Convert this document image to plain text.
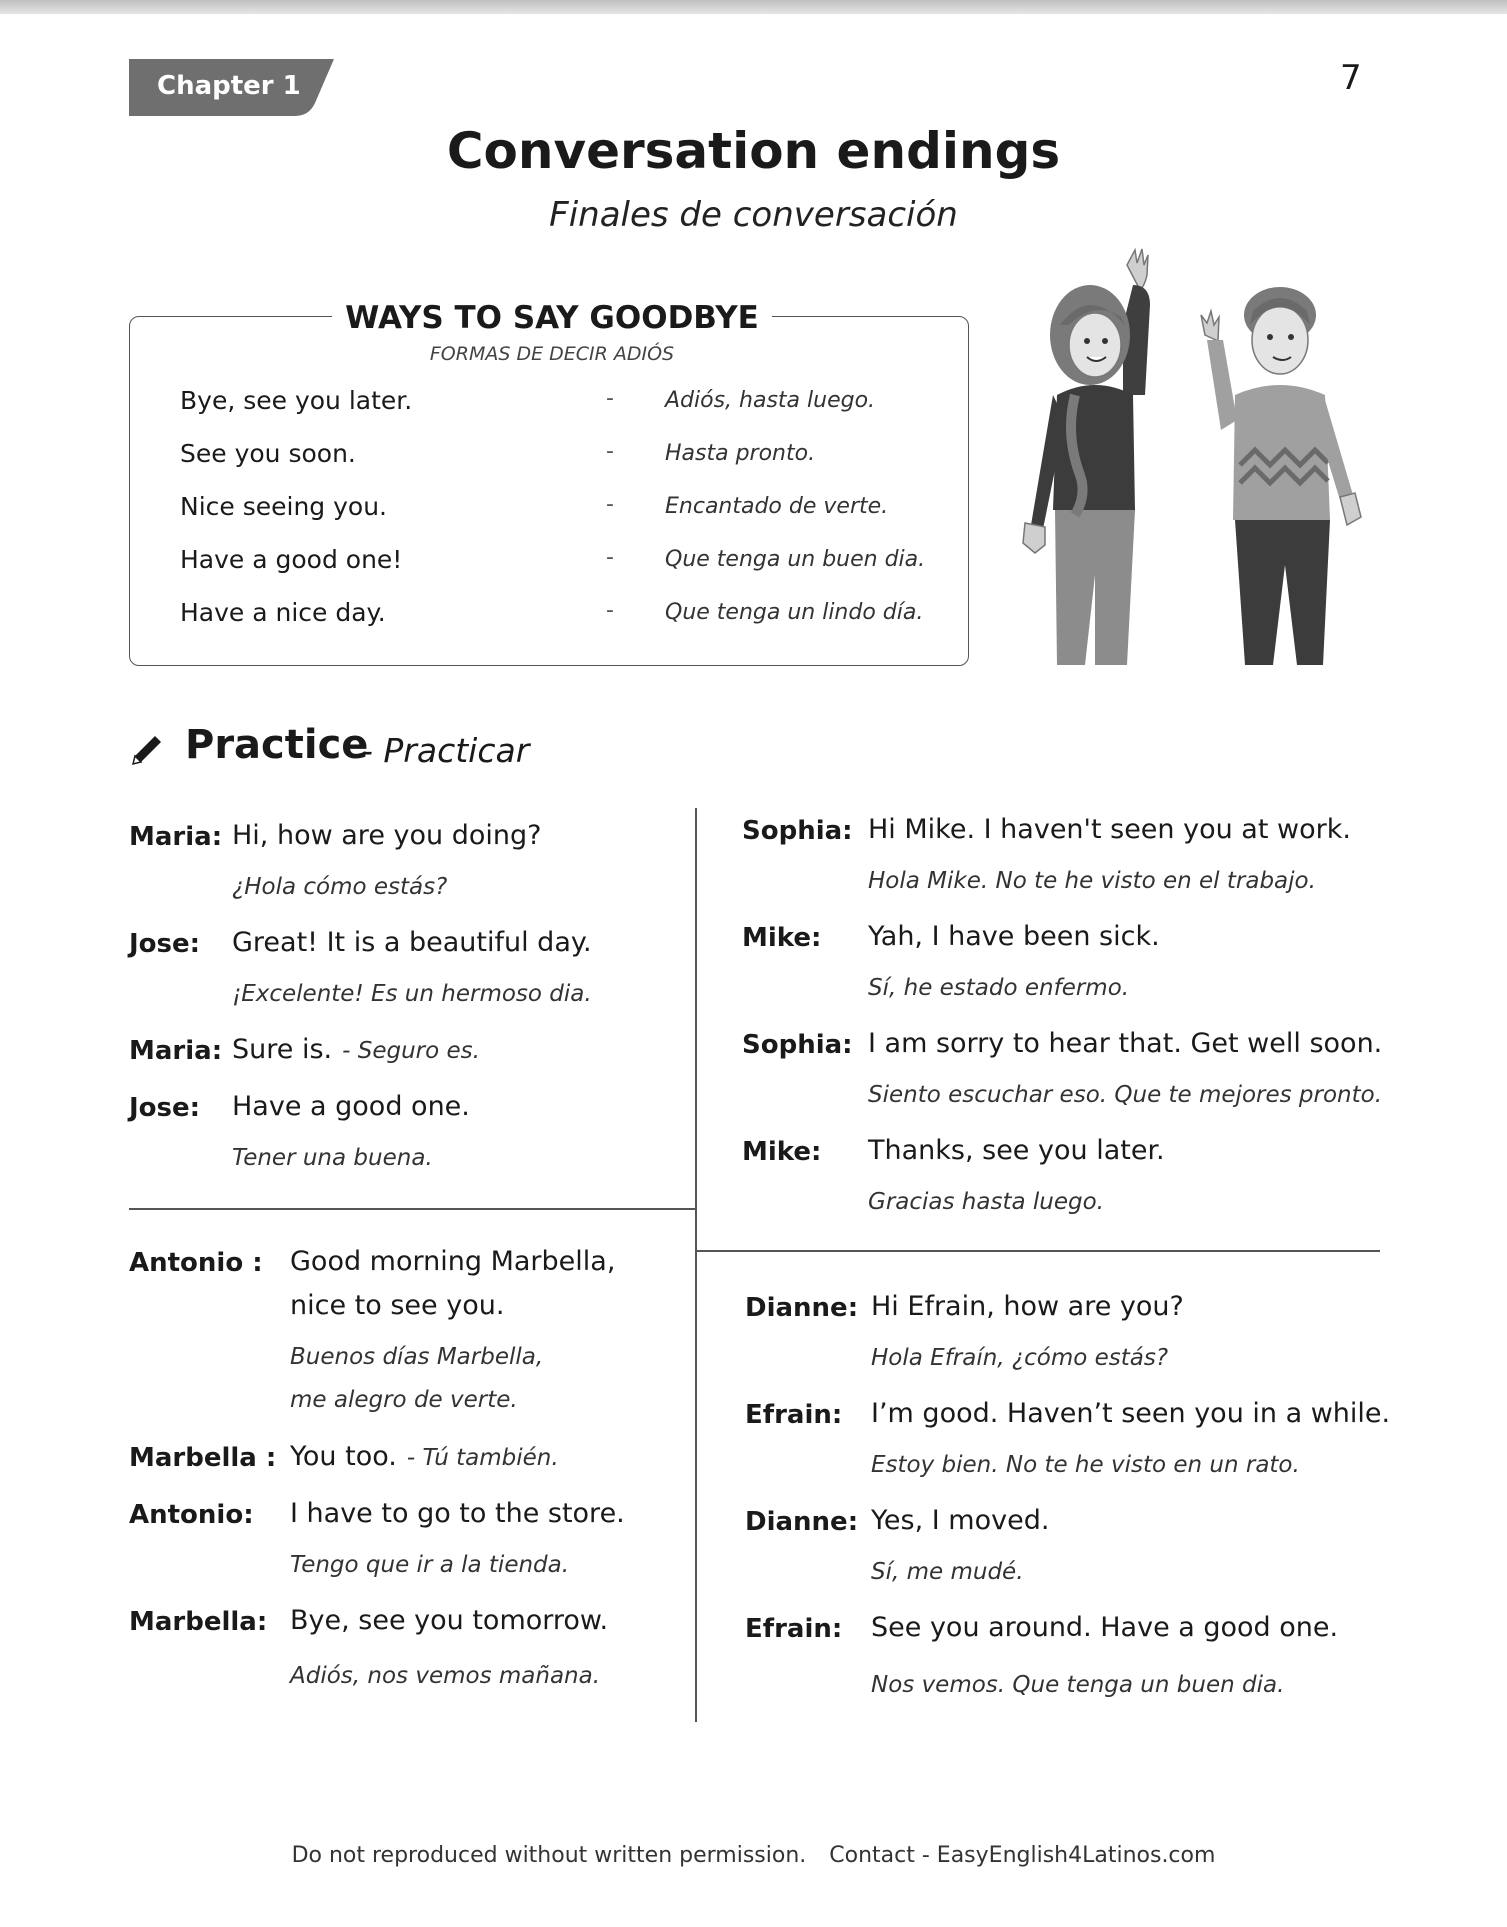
Chapter 1	7
Conversation endings
Finales de conversación
WAYS TO SAY GOODBYE
FORMAS DE DECIR ADIÓS
Bye, see you later.	- Adiós, hasta luego.
See you soon.	- Hasta pronto.
Nice seeing you.	- Encantado de verte.
Have a good one!	- Que tenga un buen dia.
Have a nice day.	- Que tenga un lindo día.
Practice
- Practicar
Maria: Hi, how are you doing?
¿Hola cómo estás?
Jose: Great! It is a beautiful day.
¡Excelente! Es un hermoso dia.
Maria: Sure is. - Seguro es.
Jose: Have a good one.
Tener una buena.
Antonio : Good morning Marbella,
nice to see you.
Buenos días Marbella,
me alegro de verte.
Marbella : You too. - Tú también.
Antonio: I have to go to the store.
Tengo que ir a la tienda.
Marbella: Bye, see you tomorrow.
Adiós, nos vemos mañana.
Sophia: Hi Mike. I haven't seen you at work.
Hola Mike. No te he visto en el trabajo.
Mike: Yah, I have been sick.
Sí, he estado enfermo.
Sophia: I am sorry to hear that. Get well soon.
Siento escuchar eso. Que te mejores pronto.
Mike: Thanks, see you later.
Gracias hasta luego.
Dianne: Hi Efrain, how are you?
Hola Efraín, ¿cómo estás?
Efrain: I’m good. Haven’t seen you in a while.
Estoy bien. No te he visto en un rato.
Dianne: Yes, I moved.
Sí, me mudé.
Efrain: See you around. Have a good one.
Nos vemos. Que tenga un buen dia.
Do not reproduced without written permission. Contact - EasyEnglish4Latinos.com
